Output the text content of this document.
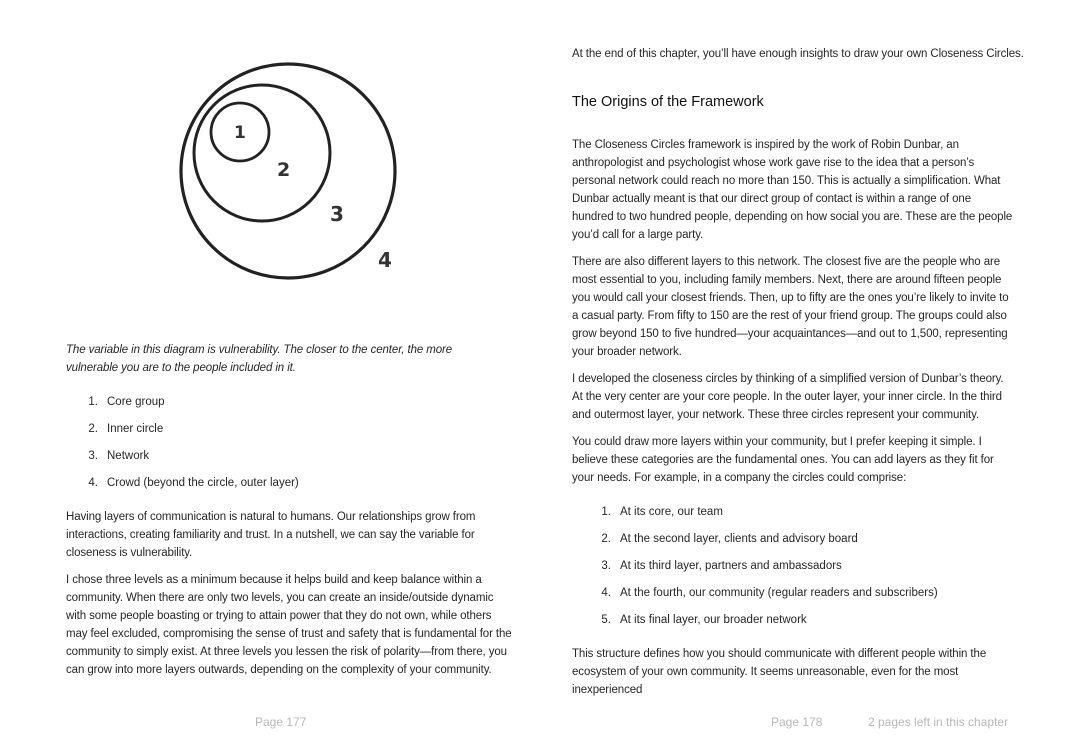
1
2
3
4

The variable in this diagram is vulnerability. The closer to the center, the more vulnerable you are to the people included in it.

1. Core group
2. Inner circle
3. Network
4. Crowd (beyond the circle, outer layer)

Having layers of communication is natural to humans. Our relationships grow from interactions, creating familiarity and trust. In a nutshell, we can say the variable for closeness is vulnerability.

I chose three levels as a minimum because it helps build and keep balance within a community. When there are only two levels, you can create an inside/outside dynamic with some people boasting or trying to attain power that they do not own, while others may feel excluded, compromising the sense of trust and safety that is fundamental for the community to simply exist. At three levels you lessen the risk of polarity—from there, you can grow into more layers outwards, depending on the complexity of your community.

Page 177

At the end of this chapter, you’ll have enough insights to draw your own Closeness Circles.

The Origins of the Framework

The Closeness Circles framework is inspired by the work of Robin Dunbar, an anthropologist and psychologist whose work gave rise to the idea that a person’s personal network could reach no more than 150. This is actually a simplification. What Dunbar actually meant is that our direct group of contact is within a range of one hundred to two hundred people, depending on how social you are. These are the people you’d call for a large party.

There are also different layers to this network. The closest five are the people who are most essential to you, including family members. Next, there are around fifteen people you would call your closest friends. Then, up to fifty are the ones you’re likely to invite to a casual party. From fifty to 150 are the rest of your friend group. The groups could also grow beyond 150 to five hundred—your acquaintances—and out to 1,500, representing your broader network.

I developed the closeness circles by thinking of a simplified version of Dunbar’s theory. At the very center are your core people. In the outer layer, your inner circle. In the third and outermost layer, your network. These three circles represent your community.

You could draw more layers within your community, but I prefer keeping it simple. I believe these categories are the fundamental ones. You can add layers as they fit for your needs. For example, in a company the circles could comprise:

1. At its core, our team
2. At the second layer, clients and advisory board
3. At its third layer, partners and ambassadors
4. At the fourth, our community (regular readers and subscribers)
5. At its final layer, our broader network

This structure defines how you should communicate with different people within the ecosystem of your own community. It seems unreasonable, even for the most inexperienced

Page 178	2 pages left in this chapter
